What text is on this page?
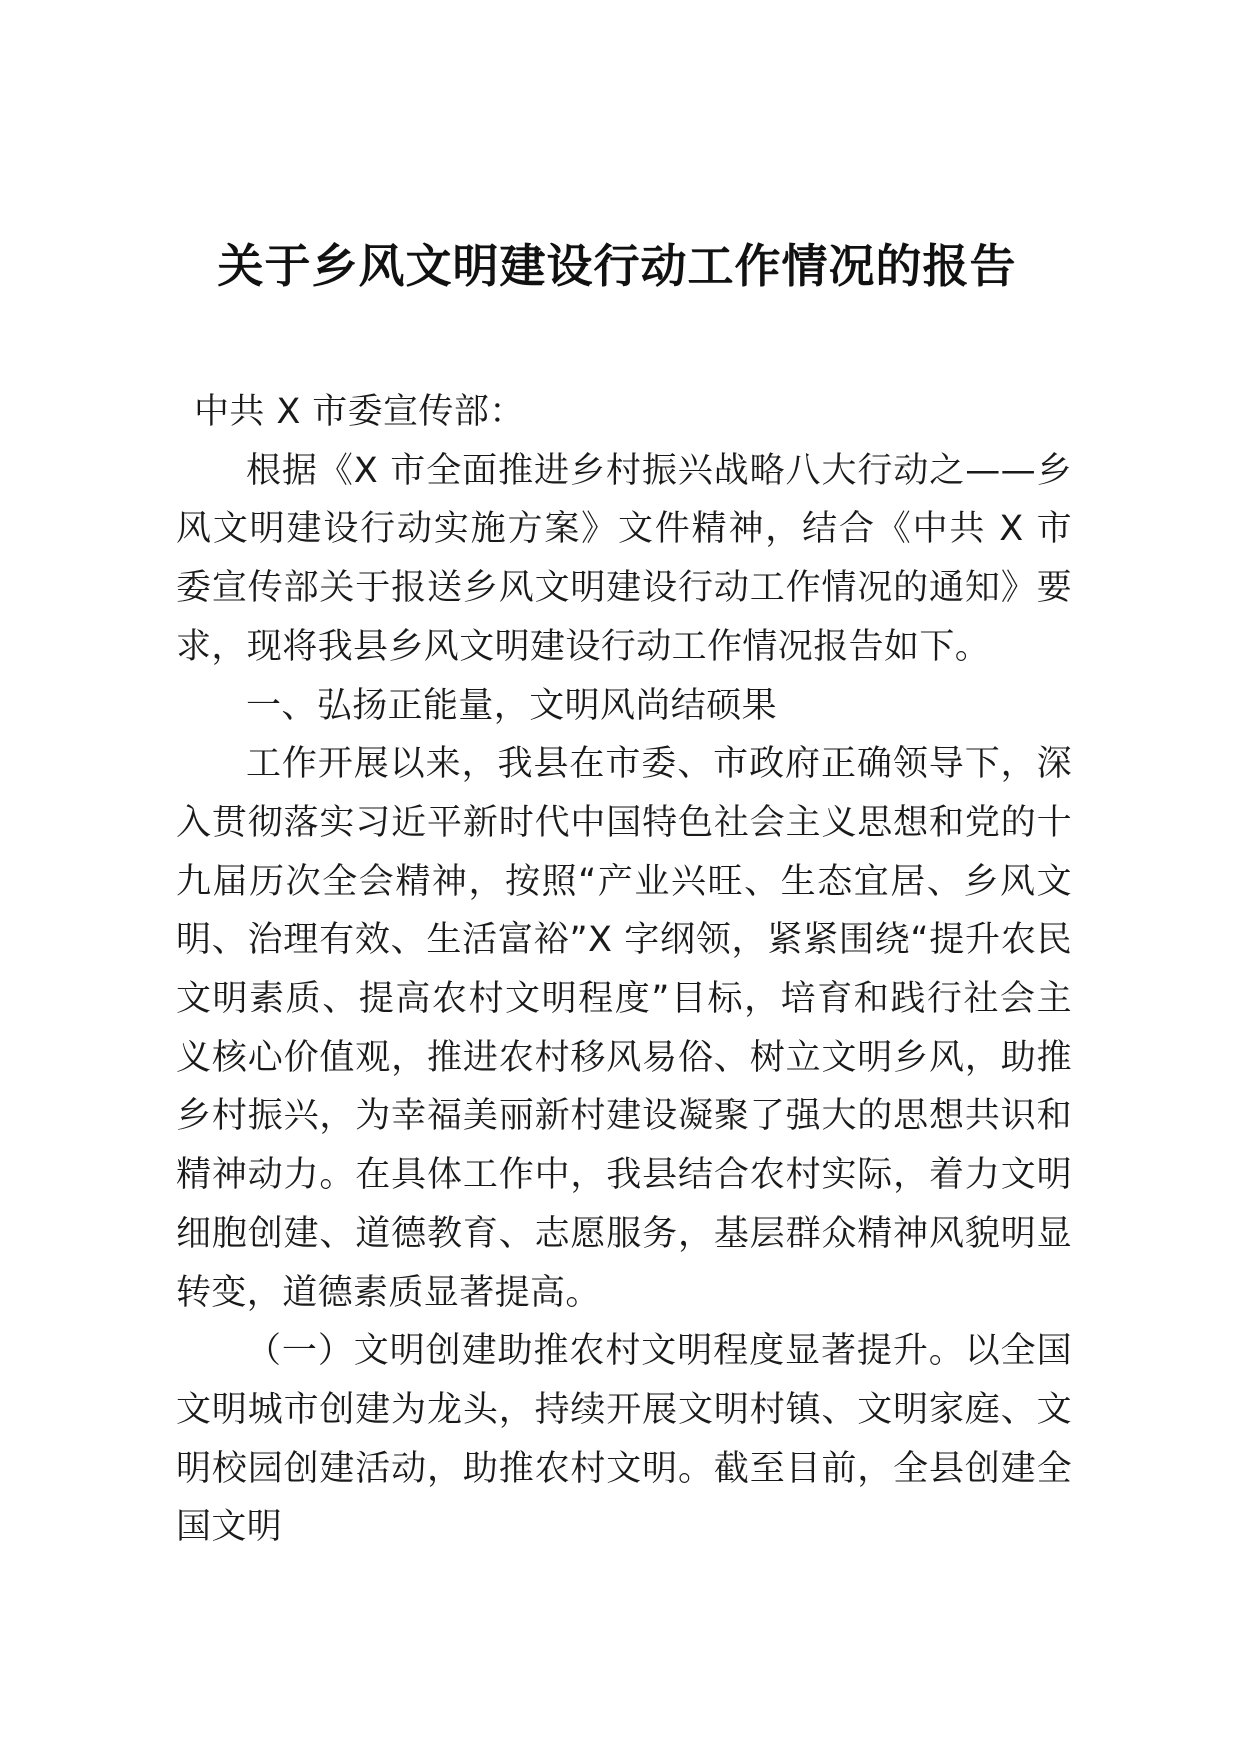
关于乡风文明建设行动工作情况的报告

中共 X 市委宣传部：

根据《X 市全面推进乡村振兴战略八大行动之——乡风文明建设行动实施方案》文件精神，结合《中共 X 市委宣传部关于报送乡风文明建设行动工作情况的通知》要求，现将我县乡风文明建设行动工作情况报告如下。

一、弘扬正能量，文明风尚结硕果

工作开展以来，我县在市委、市政府正确领导下，深入贯彻落实习近平新时代中国特色社会主义思想和党的十九届历次全会精神，按照“产业兴旺、生态宜居、乡风文明、治理有效、生活富裕”X 字纲领，紧紧围绕“提升农民文明素质、提高农村文明程度”目标，培育和践行社会主义核心价值观，推进农村移风易俗、树立文明乡风，助推乡村振兴，为幸福美丽新村建设凝聚了强大的思想共识和精神动力。在具体工作中，我县结合农村实际，着力文明细胞创建、道德教育、志愿服务，基层群众精神风貌明显转变，道德素质显著提高。

（一）文明创建助推农村文明程度显著提升。以全国文明城市创建为龙头，持续开展文明村镇、文明家庭、文明校园创建活动，助推农村文明。截至目前，全县创建全国文明
